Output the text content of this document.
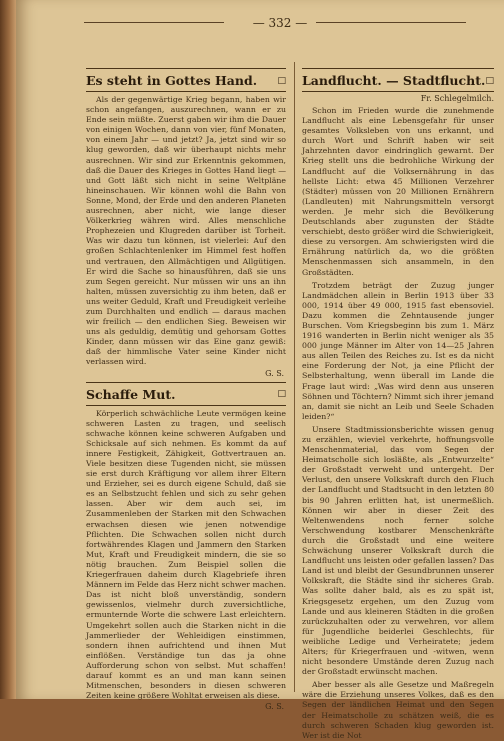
— 332 —
Es steht in Gottes Hand. □

Als der gegenwärtige Krieg begann, haben wir schon angefangen, auszurechnen, wann er zu Ende sein müßte. Zuerst gaben wir ihm die Dauer von einigen Wochen, dann von vier, fünf Monaten, von einem Jahr — und jetzt? Ja, jetzt sind wir so klug geworden, daß wir überhaupt nichts mehr ausrechnen. Wir sind zur Erkenntnis gekommen, daß die Dauer des Krieges in Gottes Hand liegt — und Gott läßt sich nicht in seine Weltpläne hineinschauen. Wir können wohl die Bahn von Sonne, Mond, der Erde und den anderen Planeten ausrechnen, aber nicht, wie lange dieser Völkerkrieg währen wird. Alles menschliche Prophezeien und Klugreden darüber ist Torheit. Was wir dazu tun können, ist vielerlei: Auf den großen Schlachtenlenker im Himmel fest hoffen und vertrauen, den Allmächtigen und Allgütigen. Er wird die Sache so hinausführen, daß sie uns zum Segen gereicht. Nur müssen wir uns an ihn halten, müssen zuversichtig zu ihm beten, daß er uns weiter Geduld, Kraft und Freudigkeit verleihe zum Durchhalten und endlich — daraus machen wir freilich — den endlichen Sieg. Beweisen wir uns als geduldig, demütig und gehorsam Gottes Kinder, dann müssen wir das Eine ganz gewiß: daß der himmlische Vater seine Kinder nicht verlassen wird.

G. S.
Schaffe Mut.	□

Körperlich schwächliche Leute vermögen keine schweren Lasten zu tragen, und seelisch schwache können keine schweren Aufgaben und Schicksale auf sich nehmen. Es kommt da auf innere Festigkeit, Zähigkeit, Gottvertrauen an. Viele besitzen diese Tugenden nicht, sie müssen sie erst durch Kräftigung vor allem ihrer Eltern und Erzieher, sei es durch eigene Schuld, daß sie es an Selbstzucht fehlen und sich zu sehr gehen lassen. Aber wir dem auch sei, im Zusammenleben der Starken mit den Schwachen erwachsen diesen wie jenen notwendige Pflichten. Die Schwachen sollen nicht durch fortwährendes Klagen und Jammern den Starken Mut, Kraft und Freudigkeit mindern, die sie so nötig brauchen. Zum Beispiel sollen die Kriegerfrauen daheim durch Klagebriefe ihren Männern im Felde das Herz nicht schwer machen. Das ist nicht bloß unverständig, sondern gewissenlos, vielmehr durch zuversichtliche, ermunternde Worte die schwere Last erleichtern. Umgekehrt sollen auch die Starken nicht in die Jammerlieder der Wehleidigen einstimmen, sondern ihnen aufrichtend und ihnen Mut einflößen. Verständige tun das ja ohne Aufforderung schon von selbst. Mut schaffen! darauf kommt es an und man kann seinen Mitmenschen, besonders in diesen schweren Zeiten keine größere Wohltat erweisen als diese.

G. S.
Landflucht. — Stadtflucht. □
Fr. Schlegelmilch.

Schon im Frieden wurde die zunehmende Landflucht als eine Lebensgefahr für unser gesamtes Volksleben von uns erkannt, und durch Wort und Schrift haben wir seit Jahrzehnten davor eindringlich gewarnt. Der Krieg stellt uns die bedrohliche Wirkung der Landflucht auf die Volksernährung in das hellste Licht: etwa 45 Millionen Verzehrer (Städter) müssen von 20 Millionen Ernährern (Landleuten) mit Nahrungsmitteln versorgt werden. Je mehr sich die Bevölkerung Deutschlands aber zugunsten der Städte verschiebt, desto größer wird die Schwierigkeit, diese zu versorgen. Am schwierigsten wird die Ernährung natürlich da, wo die größten Menschenmassen sich ansammeln, in den Großstädten.

Trotzdem beträgt der Zuzug junger Landmädchen allein in Berlin 1913 über 33 000, 1914 über 49 000, 1915 fast ebensoviel. Dazu kommen die Zehntausende junger Burschen. Vom Kriegsbeginn bis zum 1. März 1916 wanderten in Berlin nicht weniger als 35 000 junge Männer im Alter von 14—25 Jahren aus allen Teilen des Reiches zu. Ist es da nicht eine Forderung der Not, ja eine Pflicht der Selbsterhaltung, wenn überall im Lande die Frage laut wird: „Was wird denn aus unseren Söhnen und Töchtern? Nimmt sich ihrer jemand an, damit sie nicht an Leib und Seele Schaden leiden?“

Unsere Stadtmissionsberichte wissen genug zu erzählen, wieviel verkehrte, hoffnungsvolle Menschenmaterial, das vom Segen der Heimatscholle sich losläßte, als „Entwurzelte“ der Großstadt verweht und untergeht. Der Verlust, den unsere Volkskraft durch den Fluch der Landflucht und Stadtsucht in den letzten 80 bis 90 Jahren erlitten hat, ist unermeßlich. Können wir aber in dieser Zeit des Weltenwendens noch ferner solche Verschwendung kostbarer Menschenkräfte durch die Großstadt und eine weitere Schwächung unserer Volkskraft durch die Landflucht uns leisten oder gefallen lassen? Das Land ist und bleibt der Gesundbrunnen unserer Volkskraft, die Städte sind ihr sicheres Grab. Was sollte daher bald, als es zu spät ist, Kriegsgesetz ergehen, um den Zuzug vom Lande und aus kleineren Städten in die großen zurückzuhalten oder zu verwehren, vor allem für Jugendliche beiderlei Geschlechts, für weibliche Ledige und Verheiratete; jedem Alters; für Kriegerfrauen und -witwen, wenn nicht besondere Umstände deren Zuzug nach der Großstadt erwünscht machen.

Aber besser als alle Gesetze und Maßregeln wäre die Erziehung unseres Volkes, daß es den Segen der ländlichen Heimat und den Segen der Heimatscholle zu schätzen weiß, die es durch schweren Schaden klug geworden ist. Wer ist die Not
